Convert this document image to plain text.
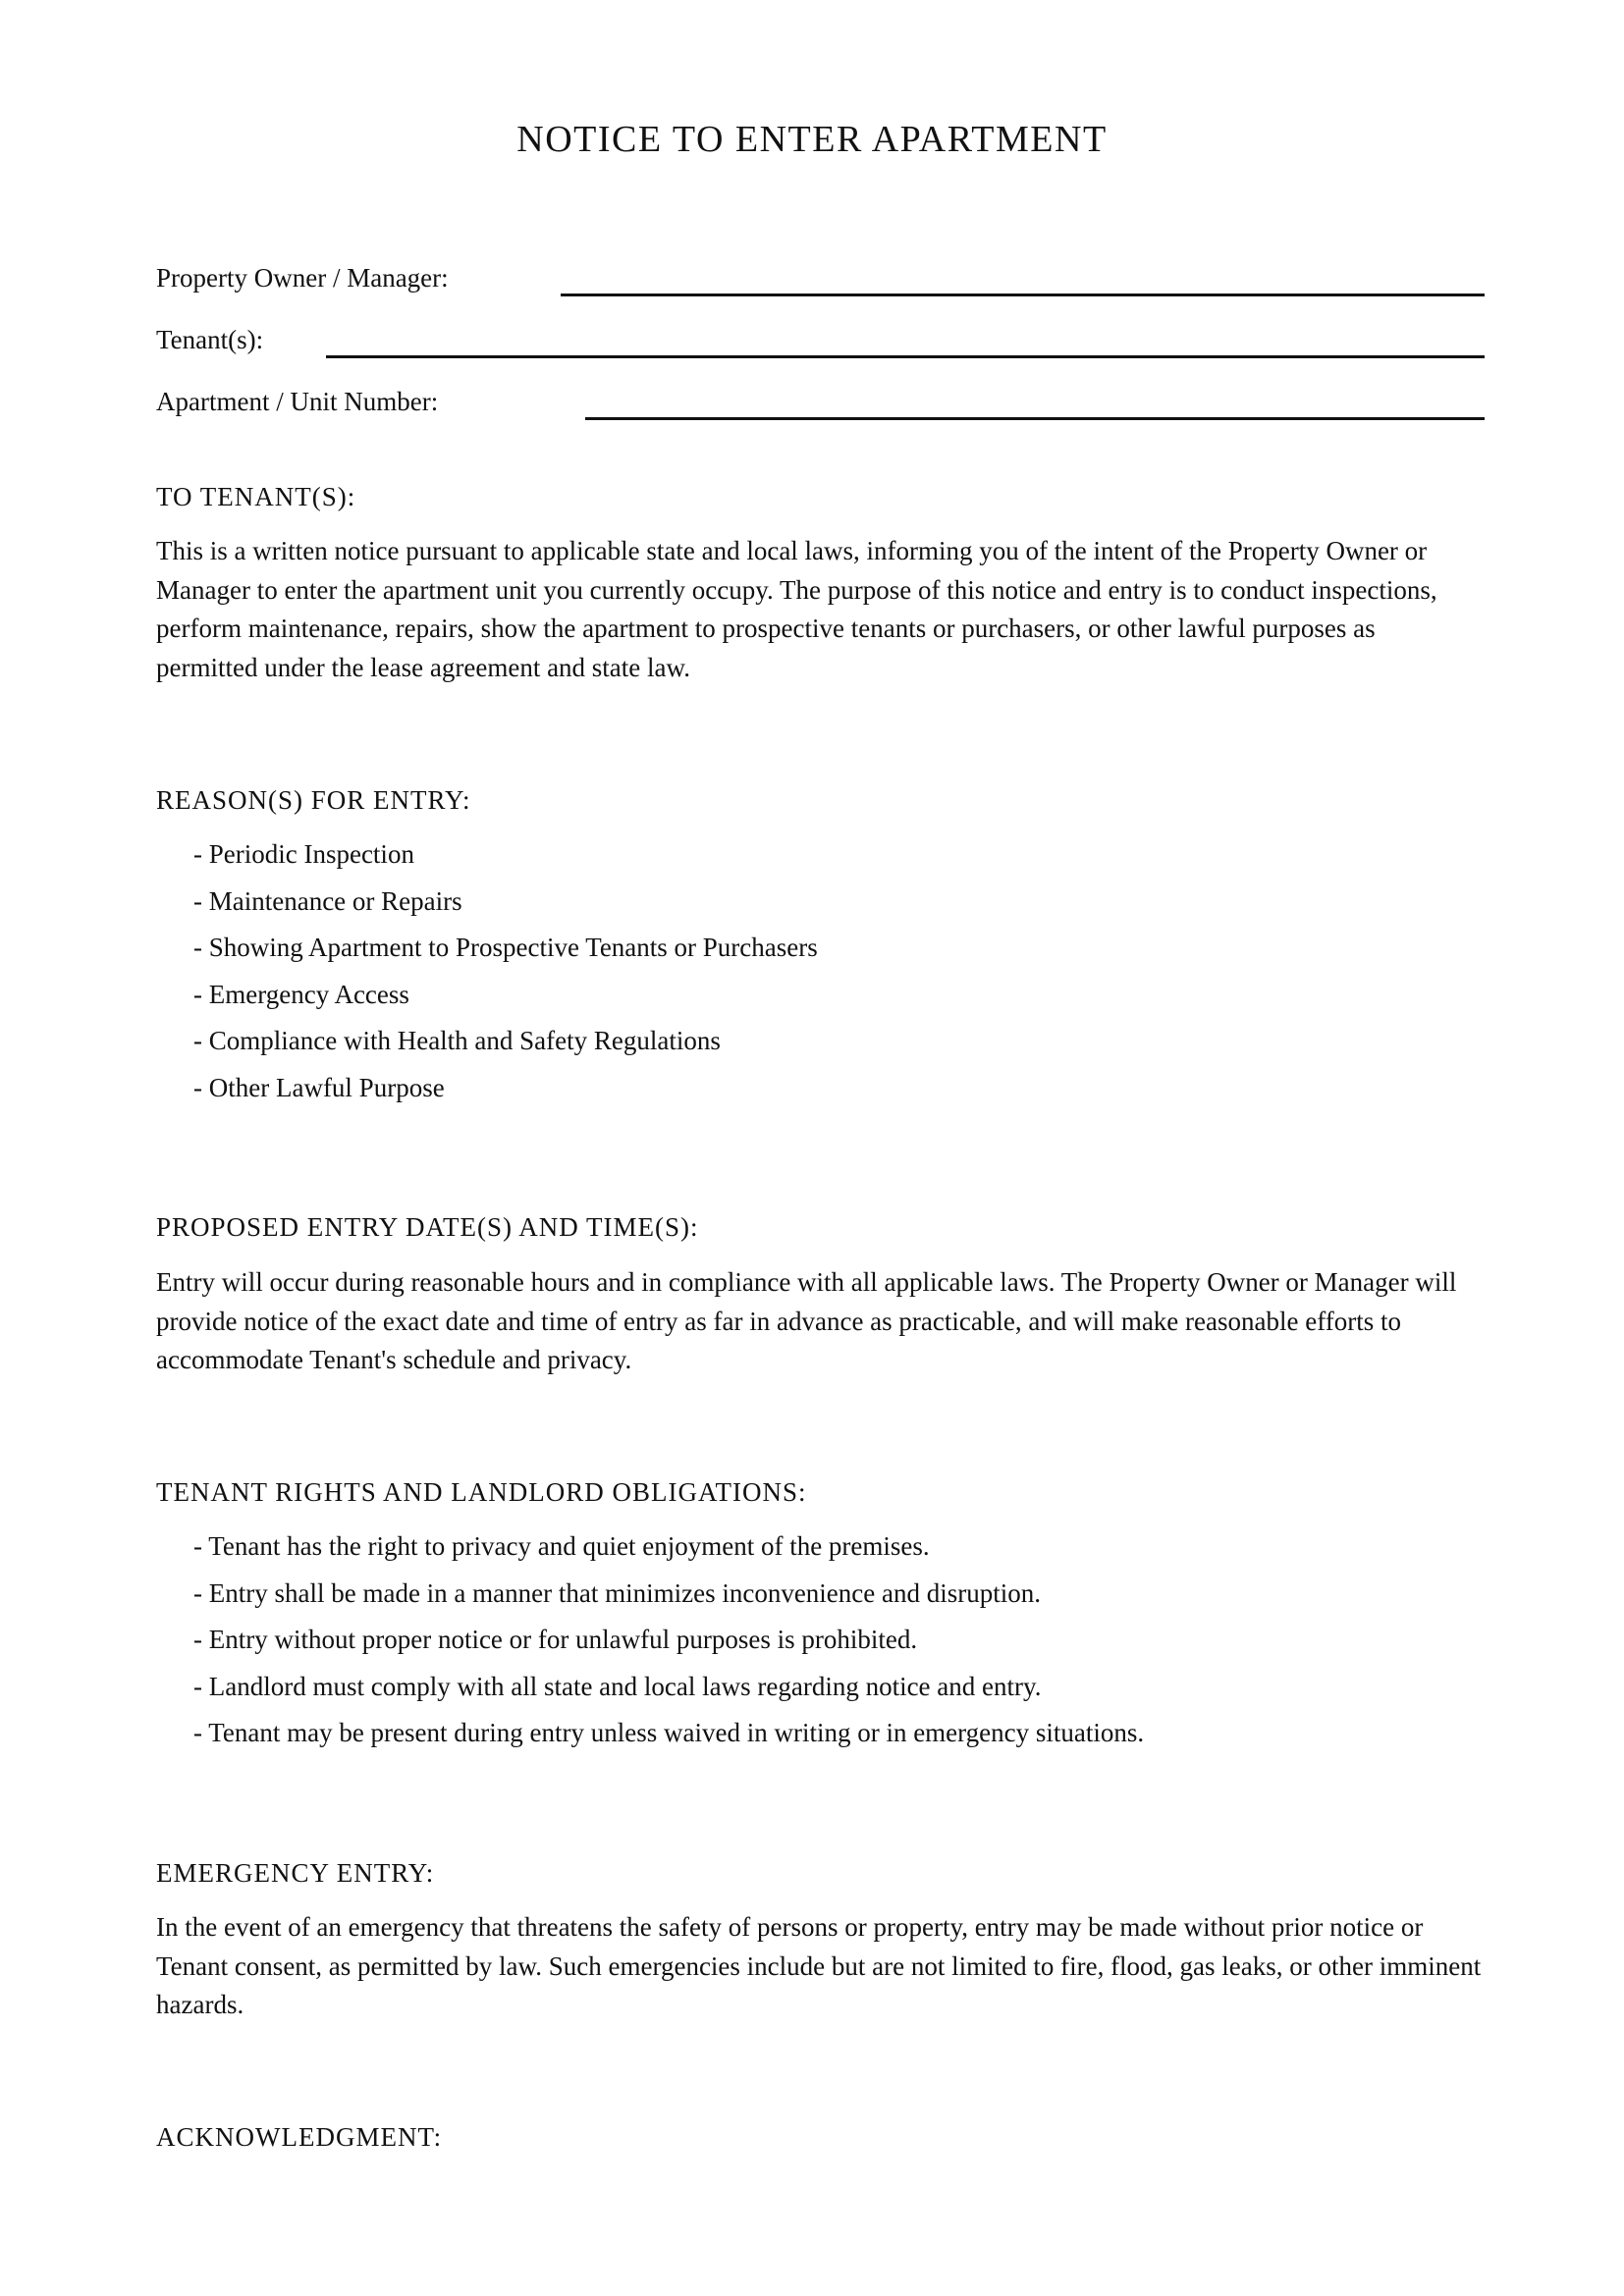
NOTICE TO ENTER APARTMENT
Property Owner / Manager:
Tenant(s):
Apartment / Unit Number:
TO TENANT(S):

This is a written notice pursuant to applicable state and local laws, informing you of the intent of the Property Owner or Manager to enter the apartment unit you currently occupy. The purpose of this notice and entry is to conduct inspections, perform maintenance, repairs, show the apartment to prospective tenants or purchasers, or other lawful purposes as permitted under the lease agreement and state law.

REASON(S) FOR ENTRY:
- Periodic Inspection
- Maintenance or Repairs
- Showing Apartment to Prospective Tenants or Purchasers
- Emergency Access
- Compliance with Health and Safety Regulations
- Other Lawful Purpose
PROPOSED ENTRY DATE(S) AND TIME(S):

Entry will occur during reasonable hours and in compliance with all applicable laws. The Property Owner or Manager will provide notice of the exact date and time of entry as far in advance as practicable, and will make reasonable efforts to accommodate Tenant's schedule and privacy.

TENANT RIGHTS AND LANDLORD OBLIGATIONS:
- Tenant has the right to privacy and quiet enjoyment of the premises.
- Entry shall be made in a manner that minimizes inconvenience and disruption.
- Entry without proper notice or for unlawful purposes is prohibited.
- Landlord must comply with all state and local laws regarding notice and entry.
- Tenant may be present during entry unless waived in writing or in emergency situations.
EMERGENCY ENTRY:

In the event of an emergency that threatens the safety of persons or property, entry may be made without prior notice or Tenant consent, as permitted by law. Such emergencies include but are not limited to fire, flood, gas leaks, or other imminent hazards.

ACKNOWLEDGMENT:
